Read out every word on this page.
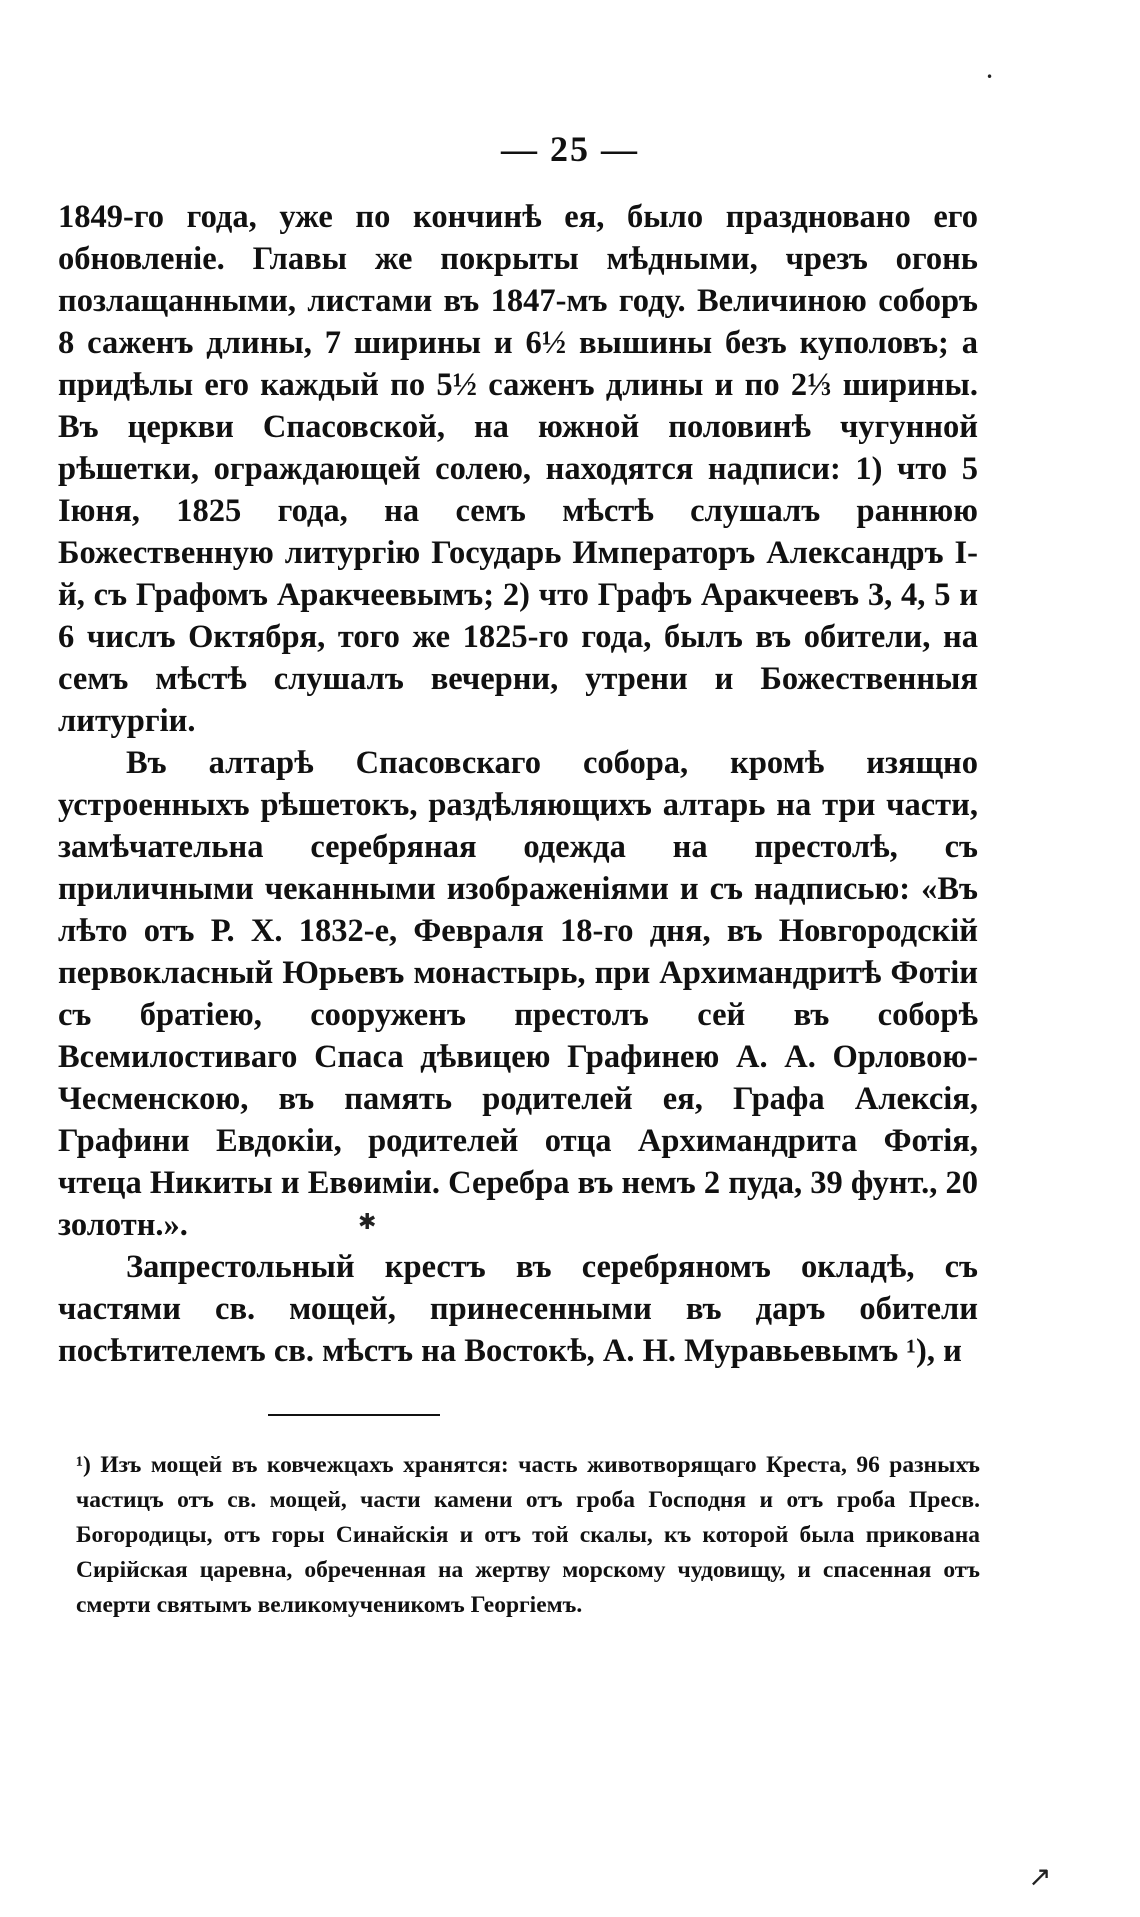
— 25 —

1849-го года, уже по кончинѣ ея, было праздновано его обновленіе. Главы же покрыты мѣдными, чрезъ огонь позлащанными, листами въ 1847-мъ году. Величиною соборъ 8 саженъ длины, 7 ширины и 6½ вышины безъ куполовъ; а придѣлы его каждый по 5½ саженъ длины и по 2⅓ ширины. Въ церкви Спасовской, на южной половинѣ чугунной рѣшетки, ограждающей солею, находятся надписи: 1) что 5 Іюня, 1825 года, на семъ мѣстѣ слушалъ раннюю Божественную литургію Государь Императоръ Александръ І-й, съ Графомъ Аракчеевымъ; 2) что Графъ Аракчеевъ 3, 4, 5 и 6 числъ Октября, того же 1825-го года, былъ въ обители, на семъ мѣстѣ слушалъ вечерни, утрени и Божественныя литургіи.

Въ алтарѣ Спасовскаго собора, кромѣ изящно устроенныхъ рѣшетокъ, раздѣляющихъ алтарь на три части, замѣчательна серебряная одежда на престолѣ, съ приличными чеканными изображеніями и съ надписью: «Въ лѣто отъ Р. Х. 1832-е, Февраля 18-го дня, въ Новгородскій первокласный Юрьевъ монастырь, при Архимандритѣ Фотіи съ братіею, сооруженъ престолъ сей въ соборѣ Всемилостиваго Спаса дѣвицею Графинею А. А. Орловою-Чесменскою, въ память родителей ея, Графа Алексія, Графини Евдокіи, родителей отца Архимандрита Фотія, чтеца Никиты и Евѳиміи. Серебра въ немъ 2 пуда, 39 фунт., 20 золотн.».

Запрестольный крестъ въ серебряномъ окладѣ, съ частями св. мощей, принесенными въ даръ обители посѣтителемъ св. мѣстъ на Востокѣ, А. Н. Муравьевымъ ¹), и

¹) Изъ мощей въ ковчежцахъ хранятся: часть животворящаго Креста, 96 разныхъ частицъ отъ св. мощей, части камени отъ гроба Господня и отъ гроба Пресв. Богородицы, отъ горы Синайскія и отъ той скалы, къ которой была прикована Сирійская царевна, обреченная на жертву морскому чудовищу, и спасенная отъ смерти святымъ великомученикомъ Георгіемъ.

•
✱
↗
